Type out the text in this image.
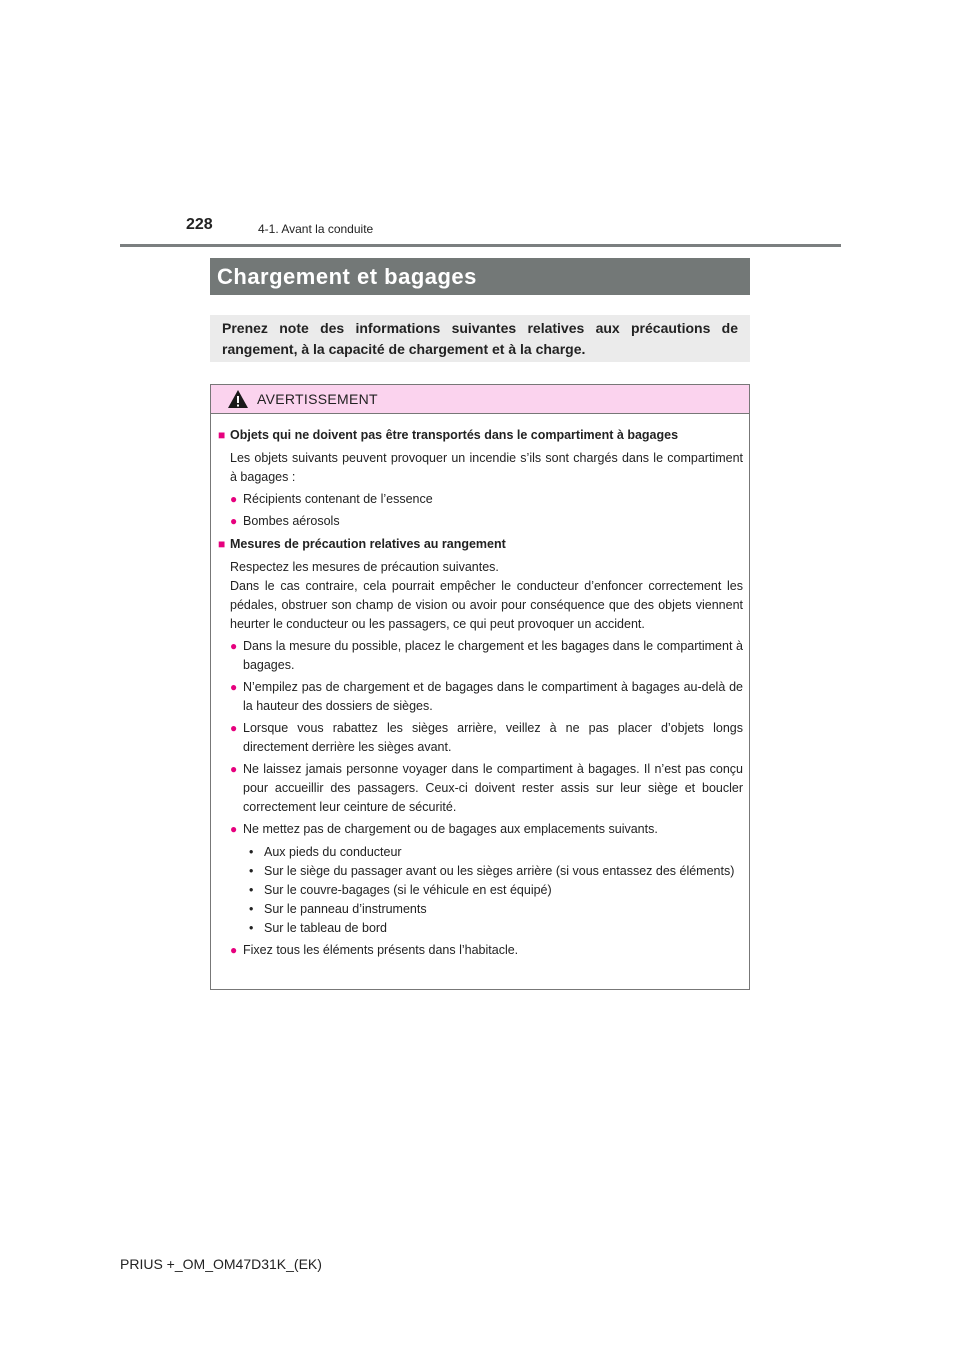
228	4-1. Avant la conduite
Chargement et bagages
Prenez note des informations suivantes relatives aux précautions de rangement, à la capacité de chargement et à la charge.
AVERTISSEMENT
■ Objets qui ne doivent pas être transportés dans le compartiment à bagages
Les objets suivants peuvent provoquer un incendie s’ils sont chargés dans le compartiment à bagages :
● Récipients contenant de l’essence
● Bombes aérosols
■ Mesures de précaution relatives au rangement
Respectez les mesures de précaution suivantes.
Dans le cas contraire, cela pourrait empêcher le conducteur d’enfoncer correctement les pédales, obstruer son champ de vision ou avoir pour conséquence que des objets viennent heurter le conducteur ou les passagers, ce qui peut provoquer un accident.
● Dans la mesure du possible, placez le chargement et les bagages dans le compartiment à bagages.
● N’empilez pas de chargement et de bagages dans le compartiment à bagages au-delà de la hauteur des dossiers de sièges.
● Lorsque vous rabattez les sièges arrière, veillez à ne pas placer d’objets longs directement derrière les sièges avant.
● Ne laissez jamais personne voyager dans le compartiment à bagages. Il n’est pas conçu pour accueillir des passagers. Ceux-ci doivent rester assis sur leur siège et boucler correctement leur ceinture de sécurité.
● Ne mettez pas de chargement ou de bagages aux emplacements suivants.
• Aux pieds du conducteur
• Sur le siège du passager avant ou les sièges arrière (si vous entassez des éléments)
• Sur le couvre-bagages (si le véhicule en est équipé)
• Sur le panneau d’instruments
• Sur le tableau de bord
● Fixez tous les éléments présents dans l’habitacle.
PRIUS +_OM_OM47D31K_(EK)
